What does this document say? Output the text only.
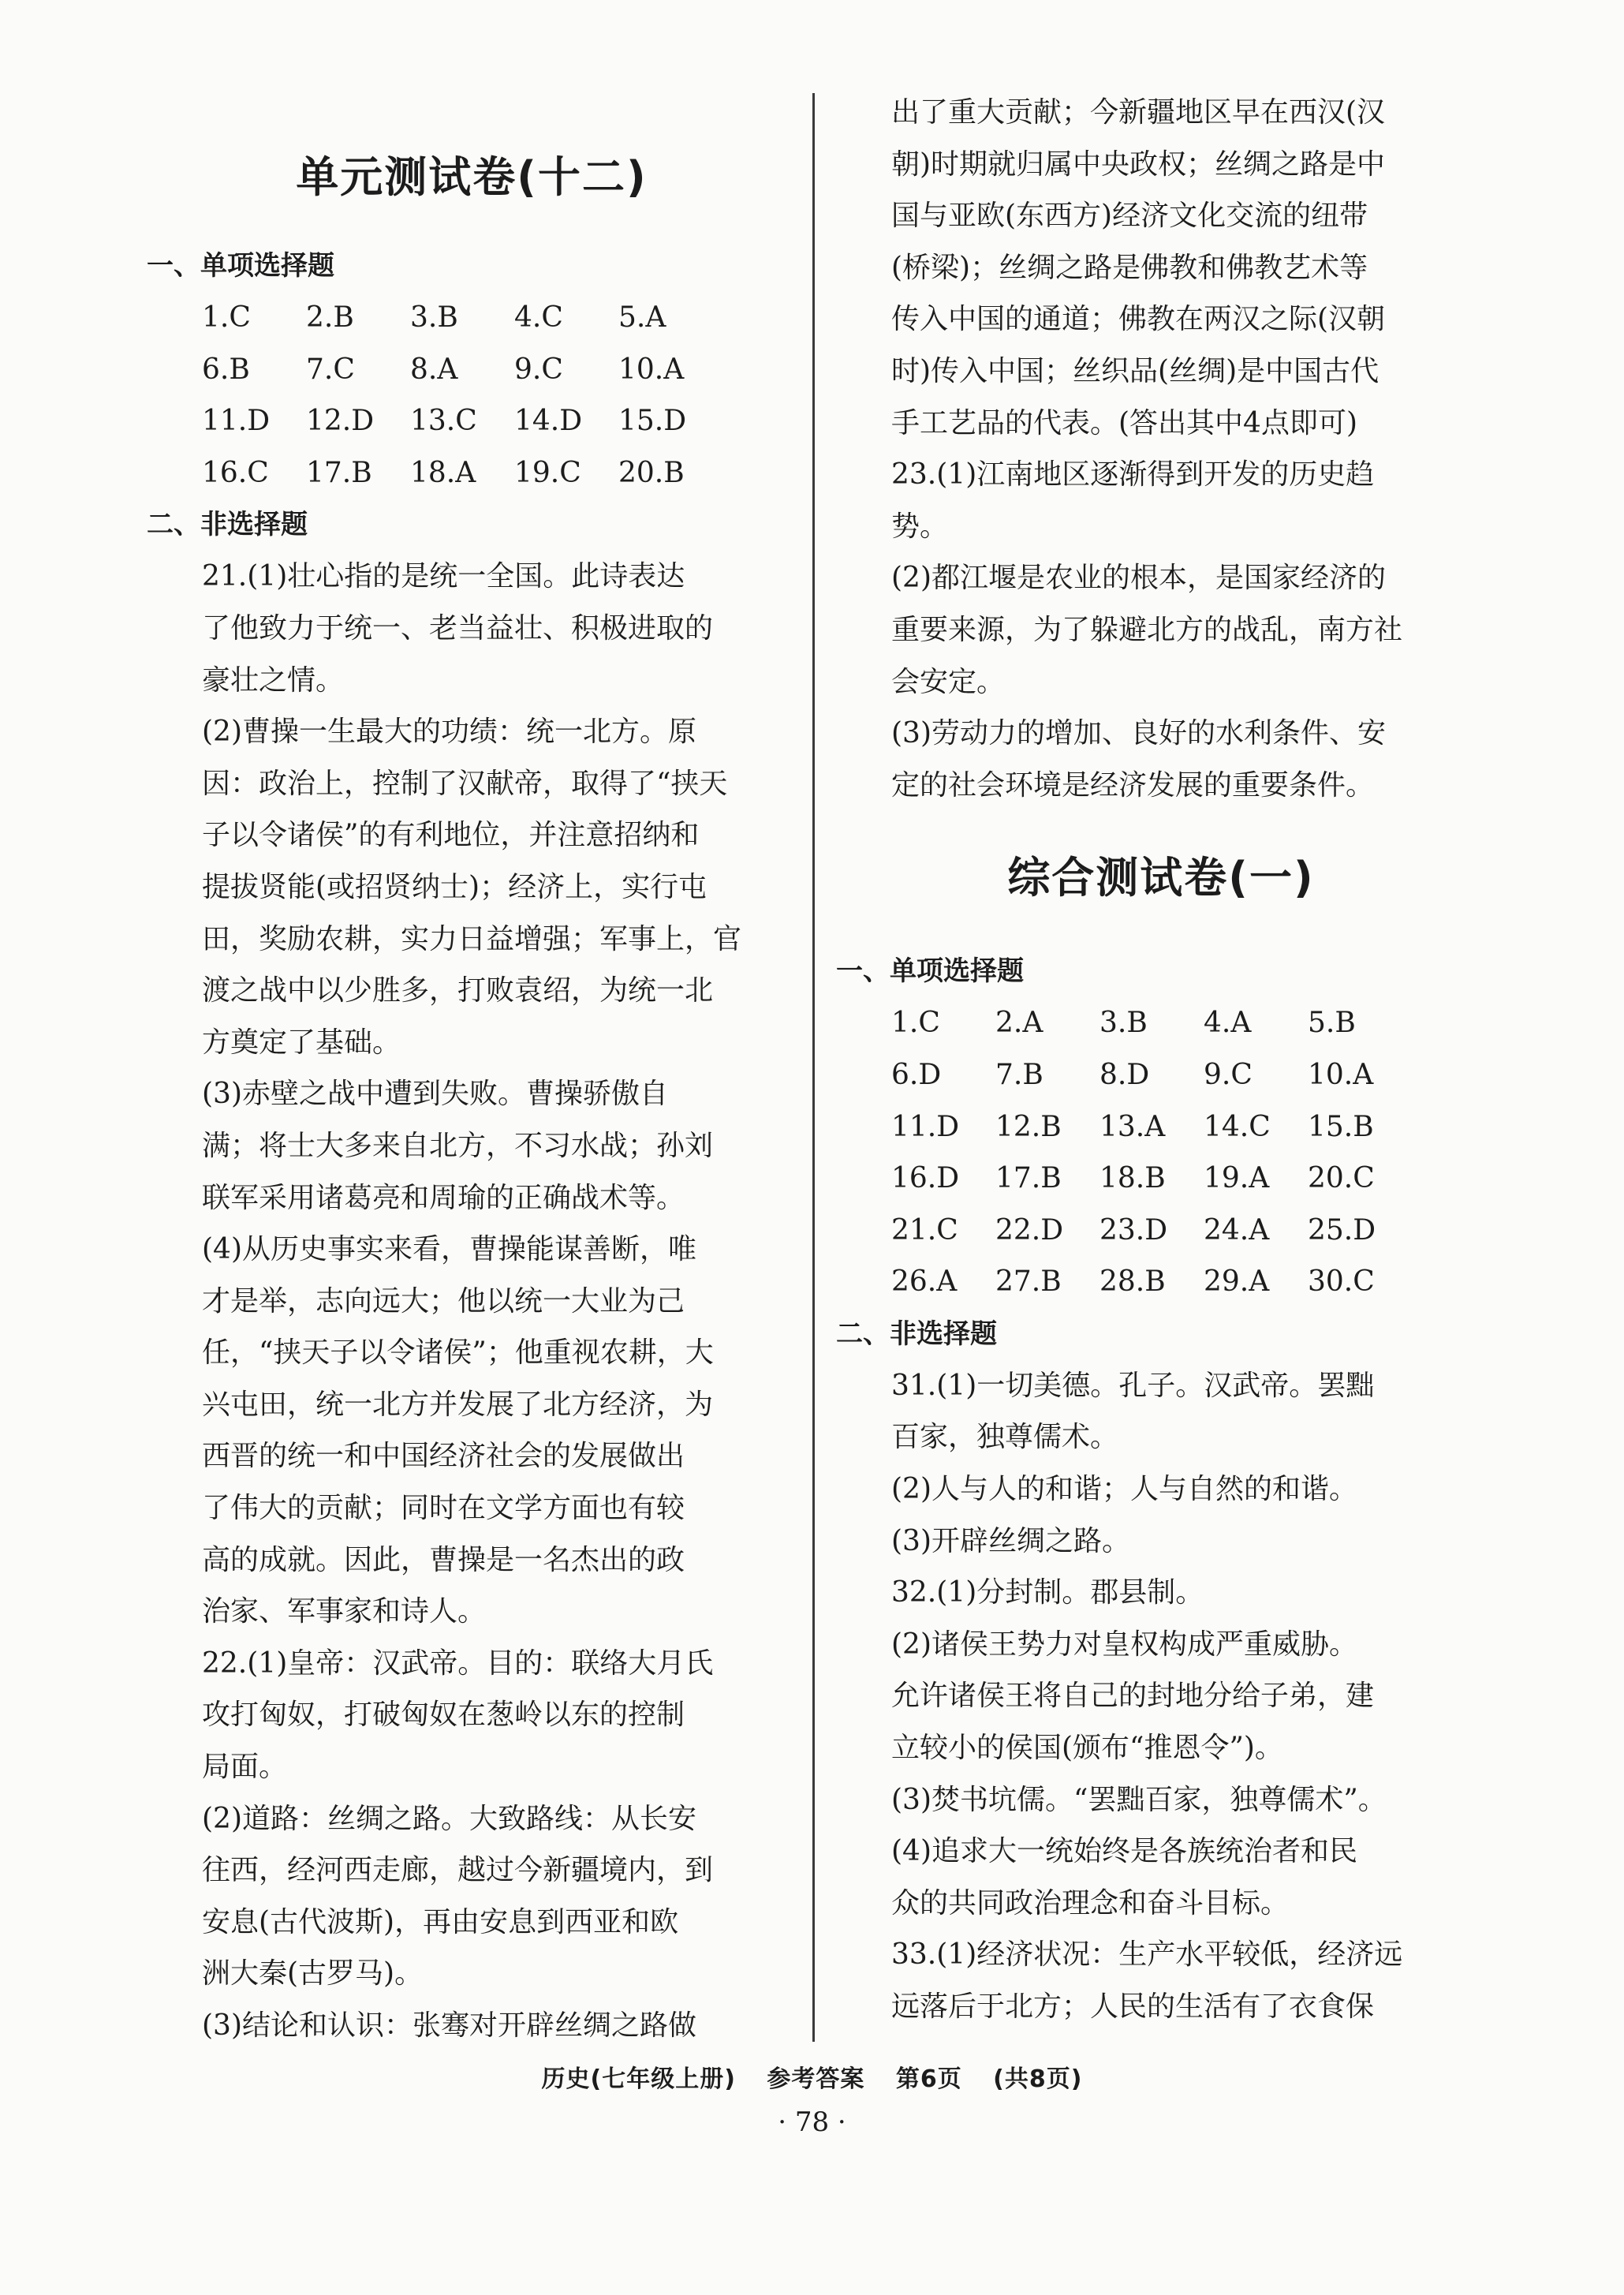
单元测试卷(十二)
一、单项选择题
1.C 2.B 3.B 4.C 5.A
6.B 7.C 8.A 9.C 10.A
11.D 12.D 13.C 14.D 15.D
16.C 17.B 18.A 19.C 20.B
二、非选择题
21.(1)壮心指的是统一全国。此诗表达
了他致力于统一、老当益壮、积极进取的
豪壮之情。
(2)曹操一生最大的功绩：统一北方。原
因：政治上，控制了汉献帝，取得了“挟天
子以令诸侯”的有利地位，并注意招纳和
提拔贤能(或招贤纳士)；经济上，实行屯
田，奖励农耕，实力日益增强；军事上，官
渡之战中以少胜多，打败袁绍，为统一北
方奠定了基础。
(3)赤壁之战中遭到失败。曹操骄傲自
满；将士大多来自北方，不习水战；孙刘
联军采用诸葛亮和周瑜的正确战术等。
(4)从历史事实来看，曹操能谋善断，唯
才是举，志向远大；他以统一大业为己
任，“挟天子以令诸侯”；他重视农耕，大
兴屯田，统一北方并发展了北方经济，为
西晋的统一和中国经济社会的发展做出
了伟大的贡献；同时在文学方面也有较
高的成就。因此，曹操是一名杰出的政
治家、军事家和诗人。
22.(1)皇帝：汉武帝。目的：联络大月氏
攻打匈奴，打破匈奴在葱岭以东的控制
局面。
(2)道路：丝绸之路。大致路线：从长安
往西，经河西走廊，越过今新疆境内，到
安息(古代波斯)，再由安息到西亚和欧
洲大秦(古罗马)。
(3)结论和认识：张骞对开辟丝绸之路做
出了重大贡献；今新疆地区早在西汉(汉
朝)时期就归属中央政权；丝绸之路是中
国与亚欧(东西方)经济文化交流的纽带
(桥梁)；丝绸之路是佛教和佛教艺术等
传入中国的通道；佛教在两汉之际(汉朝
时)传入中国；丝织品(丝绸)是中国古代
手工艺品的代表。(答出其中4点即可)
23.(1)江南地区逐渐得到开发的历史趋
势。
(2)都江堰是农业的根本，是国家经济的
重要来源，为了躲避北方的战乱，南方社
会安定。
(3)劳动力的增加、良好的水利条件、安
定的社会环境是经济发展的重要条件。
综合测试卷(一)
一、单项选择题
1.C 2.A 3.B 4.A 5.B
6.D 7.B 8.D 9.C 10.A
11.D 12.B 13.A 14.C 15.B
16.D 17.B 18.B 19.A 20.C
21.C 22.D 23.D 24.A 25.D
26.A 27.B 28.B 29.A 30.C
二、非选择题
31.(1)一切美德。孔子。汉武帝。罢黜
百家，独尊儒术。
(2)人与人的和谐；人与自然的和谐。
(3)开辟丝绸之路。
32.(1)分封制。郡县制。
(2)诸侯王势力对皇权构成严重威胁。
允许诸侯王将自己的封地分给子弟，建
立较小的侯国(颁布“推恩令”)。
(3)焚书坑儒。“罢黜百家，独尊儒术”。
(4)追求大一统始终是各族统治者和民
众的共同政治理念和奋斗目标。
33.(1)经济状况：生产水平较低，经济远
远落后于北方；人民的生活有了衣食保
历史(七年级上册) 参考答案 第6页 (共8页)
· 78 ·
